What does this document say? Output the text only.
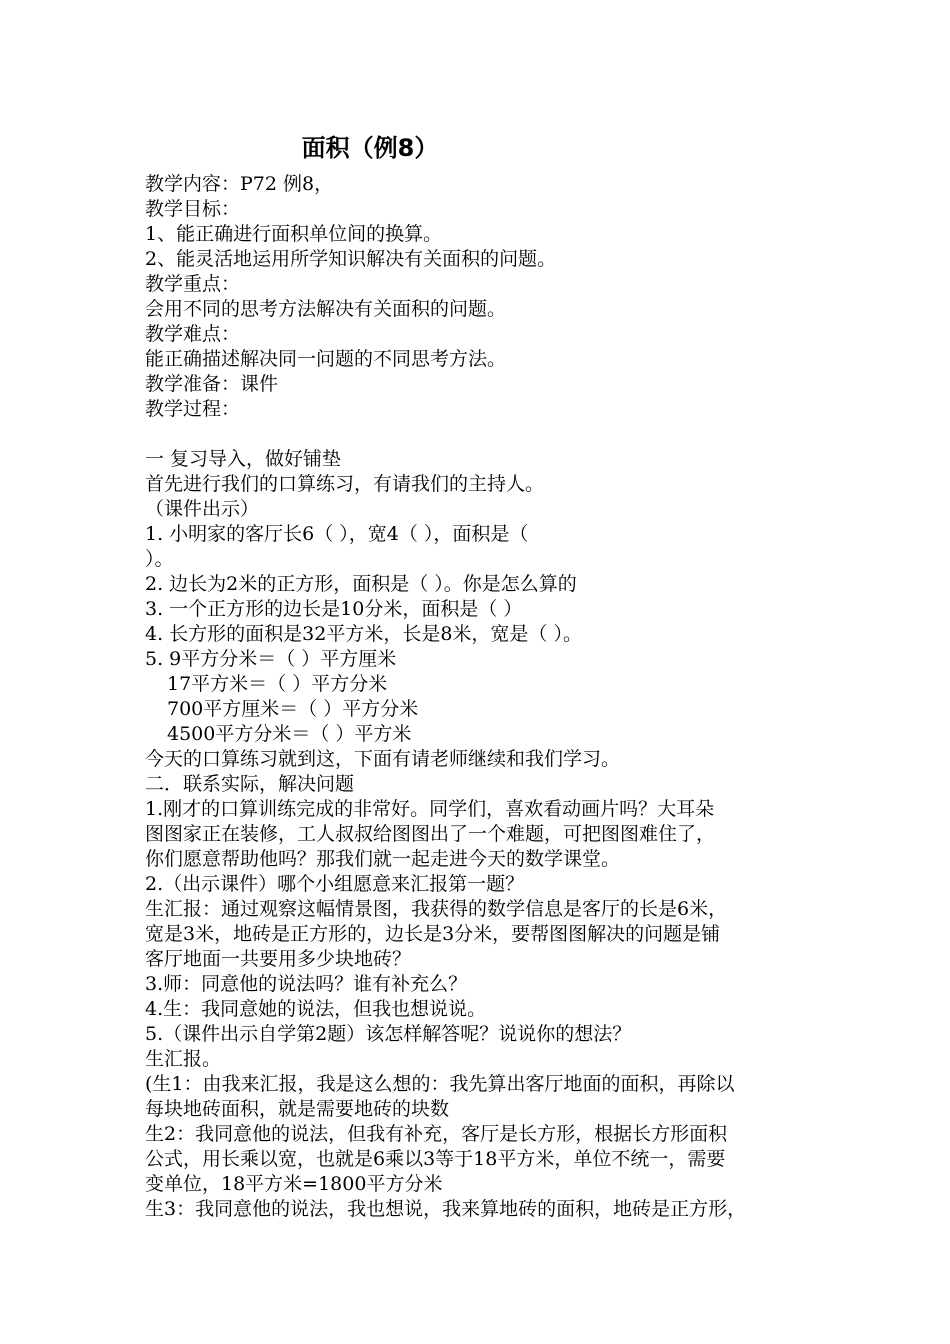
面积（例8）
教学内容：P72 例8，
教学目标：
1、能正确进行面积单位间的换算。
2、能灵活地运用所学知识解决有关面积的问题。
教学重点：
会用不同的思考方法解决有关面积的问题。
教学难点：
能正确描述解决同一问题的不同思考方法。
教学准备：课件
教学过程：
一 复习导入，做好铺垫
首先进行我们的口算练习，有请我们的主持人。
（课件出示）
1. 小明家的客厅长6（ ），宽4（ ），面积是（
）。
2. 边长为2米的正方形，面积是（ ）。你是怎么算的
3. 一个正方形的边长是10分米，面积是（ ）
4. 长方形的面积是32平方米，长是8米，宽是（ ）。
5. 9平方分米＝（ ）平方厘米
17平方米＝（ ）平方分米
700平方厘米＝（ ）平方分米
4500平方分米＝（ ）平方米
今天的口算练习就到这，下面有请老师继续和我们学习。
二．联系实际，解决问题
1.刚才的口算训练完成的非常好。同学们，喜欢看动画片吗？大耳朵
图图家正在装修，工人叔叔给图图出了一个难题，可把图图难住了，
你们愿意帮助他吗？那我们就一起走进今天的数学课堂。
2.（出示课件）哪个小组愿意来汇报第一题？
生汇报：通过观察这幅情景图，我获得的数学信息是客厅的长是6米，
宽是3米，地砖是正方形的，边长是3分米，要帮图图解决的问题是铺
客厅地面一共要用多少块地砖？
3.师：同意他的说法吗？谁有补充么？
4.生：我同意她的说法，但我也想说说。
5.（课件出示自学第2题）该怎样解答呢？说说你的想法？
生汇报。
(生1：由我来汇报，我是这么想的：我先算出客厅地面的面积，再除以
每块地砖面积，就是需要地砖的块数
生2：我同意他的说法，但我有补充，客厅是长方形，根据长方形面积
公式，用长乘以宽，也就是6乘以3等于18平方米，单位不统一，需要
变单位，18平方米=1800平方分米
生3：我同意他的说法，我也想说，我来算地砖的面积，地砖是正方形，
